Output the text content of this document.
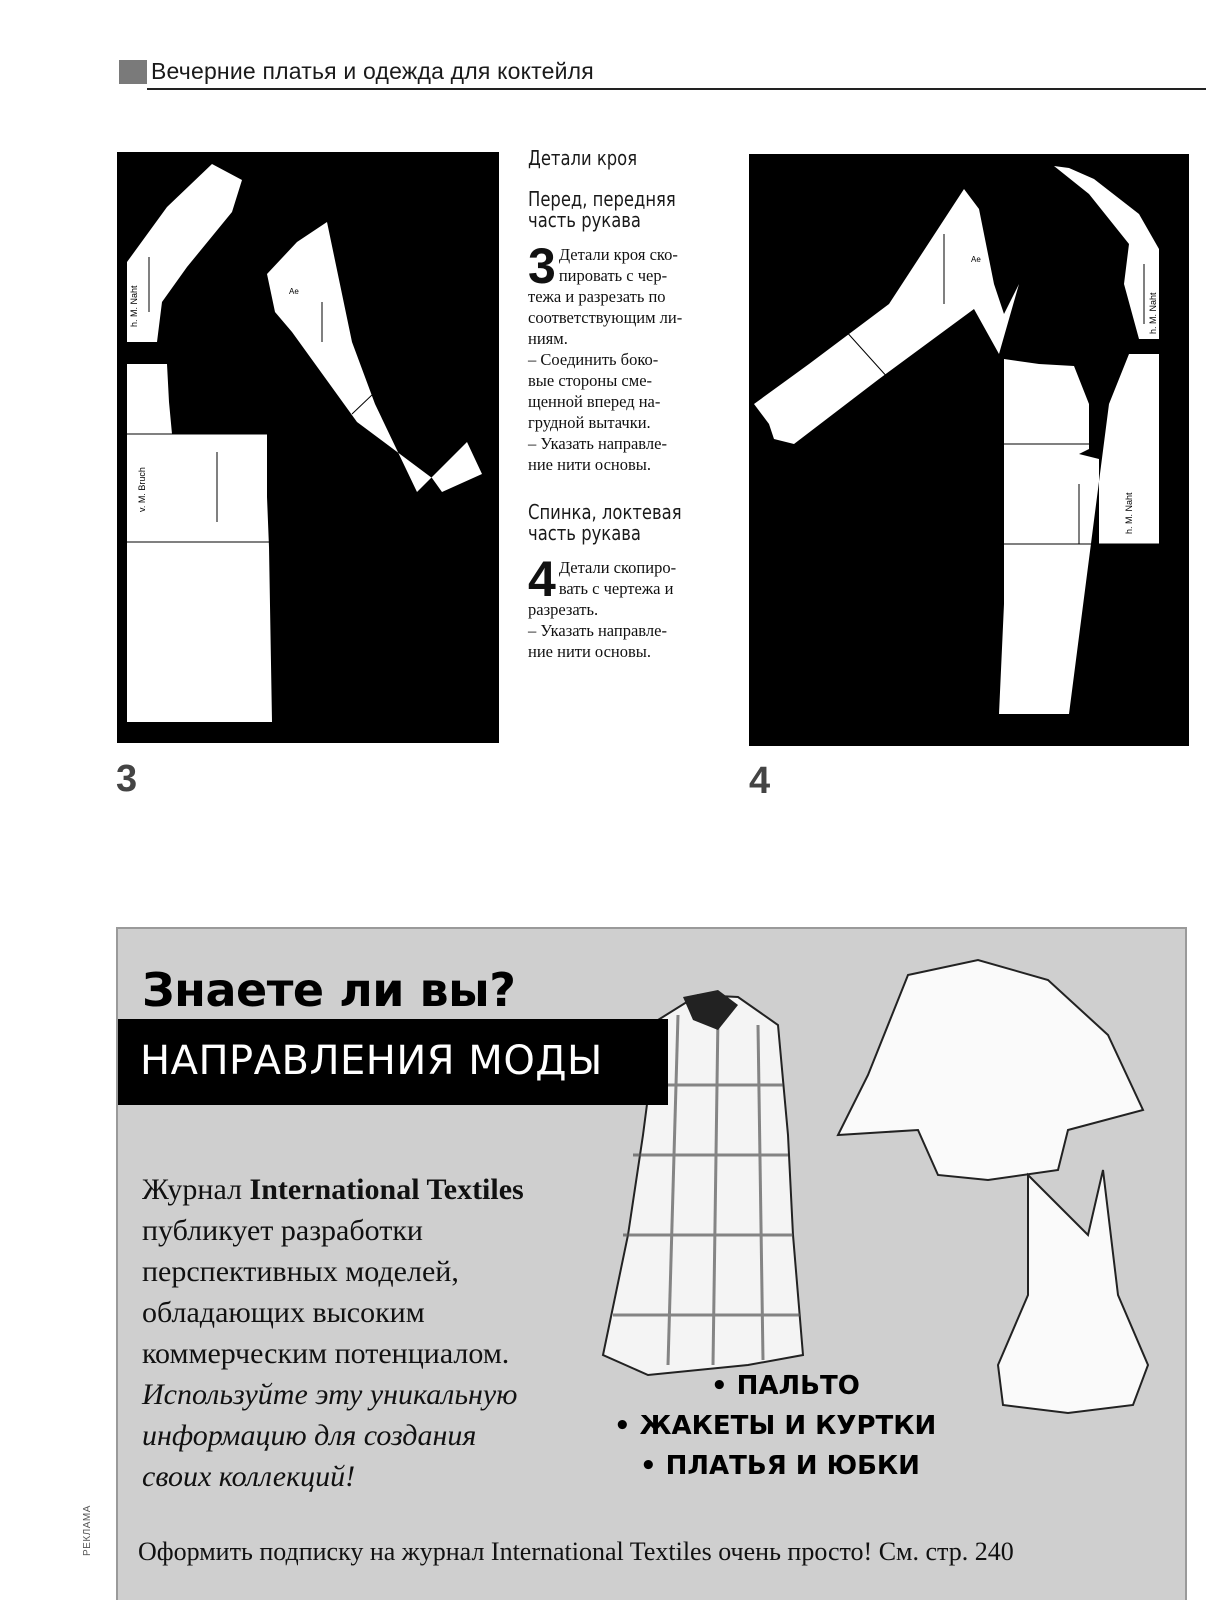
Вечерние платья и одежда для коктейля
h. M. Naht
v. M. Bruch
Ae
Ae
3
Детали кроя
Перед, передняя
часть рукава
3 Детали кроя ско-
пировать с чер-
тежа и разрезать по
соответствующим ли-
ниям.
– Соединить боко-
вые стороны сме-
щенной вперед на-
грудной вытачки.
– Указать направле-
ние нити основы.
Спинка, локтевая
часть рукава
4 Детали скопиро-
вать с чертежа и
разрезать.
– Указать направле-
ние нити основы.
h. M. Naht
h. M. Naht
Ae
Ae
4
Знаете ли вы?
НАПРАВЛЕНИЯ МОДЫ
Журнал International Textiles
публикует разработки
перспективных моделей,
обладающих высоким
коммерческим потенциалом.
Используйте эту уникальную
информацию для создания
своих коллекций!
• ПАЛЬТО
• ЖАКЕТЫ И КУРТКИ
• ПЛАТЬЯ И ЮБКИ
Оформить подписку на журнал International Textiles очень просто! См. стр. 240
РЕКЛАМА
